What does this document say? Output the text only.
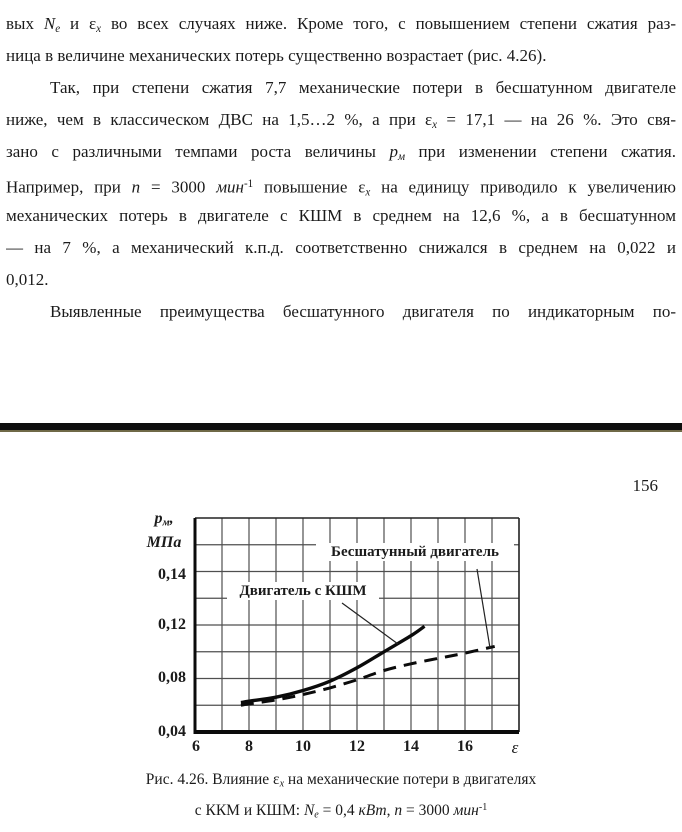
вых Ne и εx во всех случаях ниже. Кроме того, с повышением степени сжатия раз-
ница в величине механических потерь существенно возрастает (рис. 4.26).
Так, при степени сжатия 7,7 механические потери в бесшатунном двигателе
ниже, чем в классическом ДВС на 1,5…2 %, а при εx = 17,1 — на 26 %. Это свя-
зано с различными темпами роста величины pм при изменении степени сжатия.
Например, при n = 3000 мин$^{-1}$ повышение εx на единицу приводило к увеличению
механических потерь в двигателе с КШМ в среднем на 12,6 %, а в бесшатунном
— на 7 %, а механический к.п.д. соответственно снижался в среднем на 0,022 и
0,012.
Выявленные преимущества бесшатунного двигателя по индикаторным по-
156
pм,
МПа
0,14
0,12
0,08
0,04
6	8	10	12	14	16	ε
Бесшатунный двигатель
Двигатель с КШМ
Рис. 4.26. Влияние εx на механические потери в двигателях
с ККМ и КШМ: Ne = 0,4 кВт, n = 3000 мин$^{-1}$
